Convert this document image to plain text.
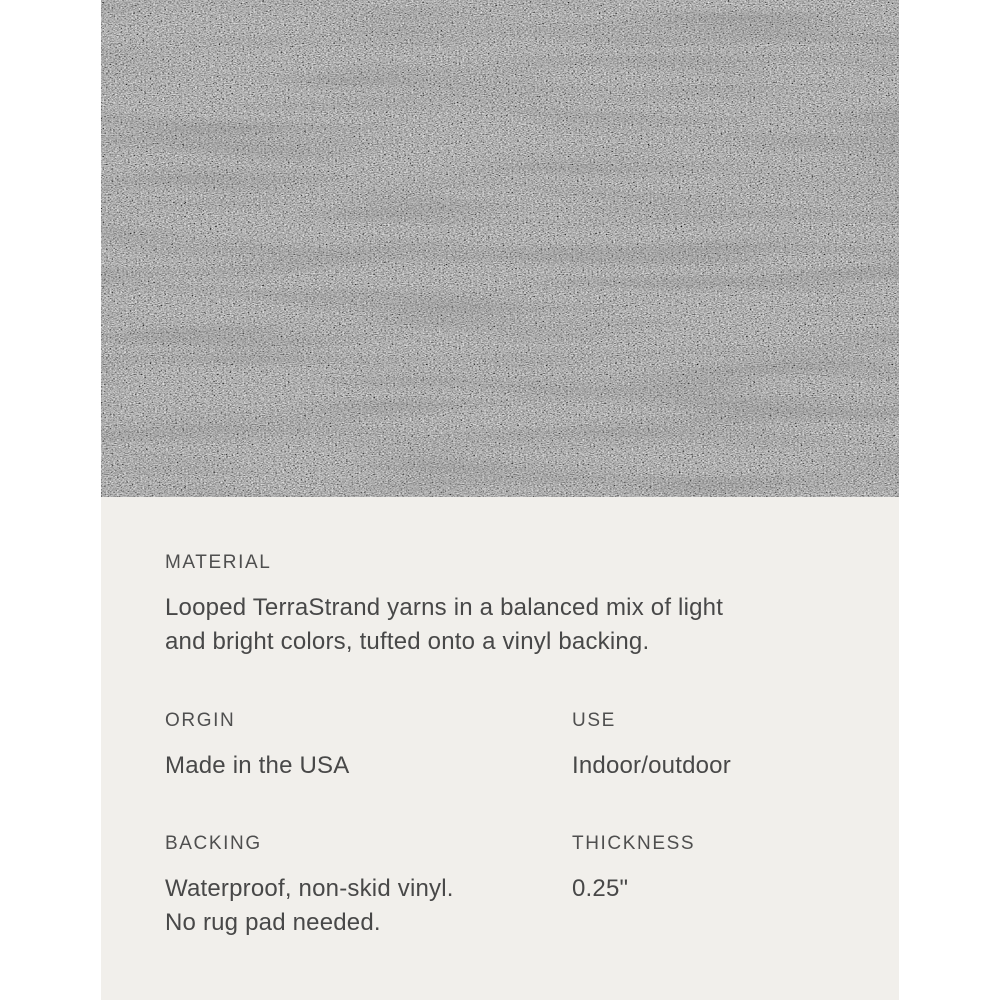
MATERIAL
Looped TerraStrand yarns in a balanced mix of light
and bright colors, tufted onto a vinyl backing.
ORGIN
Made in the USA
USE
Indoor/outdoor
BACKING
Waterproof, non-skid vinyl.
No rug pad needed.
THICKNESS
0.25"
